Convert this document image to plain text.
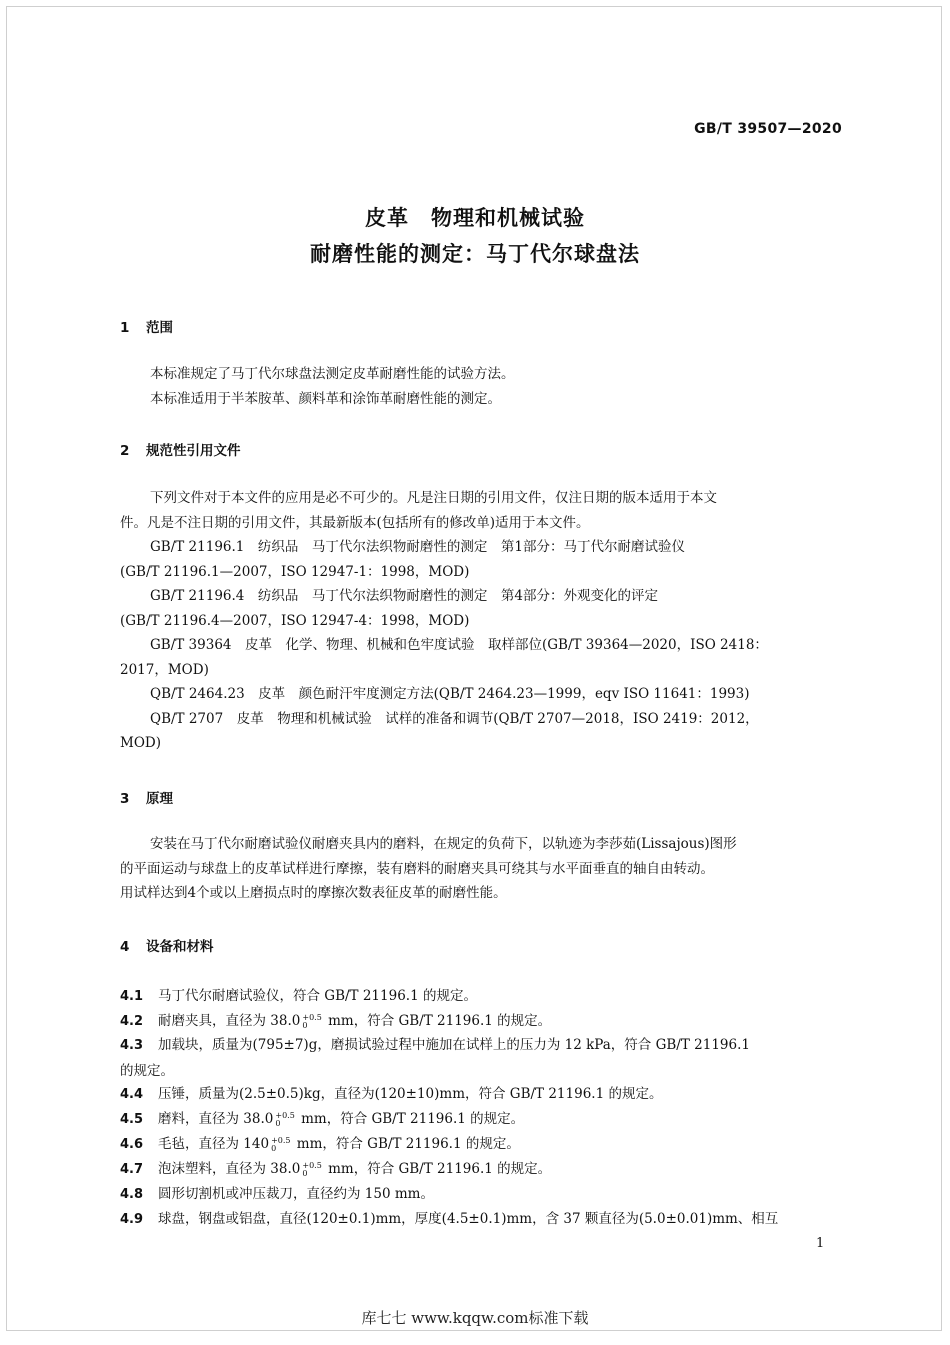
GB/T 39507—2020
皮革　物理和机械试验
耐磨性能的测定：马丁代尔球盘法
1 范围
本标准规定了马丁代尔球盘法测定皮革耐磨性能的试验方法。
本标准适用于半苯胺革、颜料革和涂饰革耐磨性能的测定。
2 规范性引用文件
下列文件对于本文件的应用是必不可少的。凡是注日期的引用文件，仅注日期的版本适用于本文
件。凡是不注日期的引用文件，其最新版本(包括所有的修改单)适用于本文件。
GB/T 21196.1　纺织品　马丁代尔法织物耐磨性的测定　第1部分：马丁代尔耐磨试验仪
(GB/T 21196.1—2007，ISO 12947-1：1998，MOD)
GB/T 21196.4　纺织品　马丁代尔法织物耐磨性的测定　第4部分：外观变化的评定
(GB/T 21196.4—2007，ISO 12947-4：1998，MOD)
GB/T 39364　皮革　化学、物理、机械和色牢度试验　取样部位(GB/T 39364—2020，ISO 2418：
2017，MOD)
QB/T 2464.23　皮革　颜色耐汗牢度测定方法(QB/T 2464.23—1999，eqv ISO 11641：1993)
QB/T 2707　皮革　物理和机械试验　试样的准备和调节(QB/T 2707—2018，ISO 2419：2012，
MOD)
3 原理
安装在马丁代尔耐磨试验仪耐磨夹具内的磨料，在规定的负荷下，以轨迹为李莎茹(Lissajous)图形
的平面运动与球盘上的皮革试样进行摩擦，装有磨料的耐磨夹具可绕其与水平面垂直的轴自由转动。
用试样达到4个或以上磨损点时的摩擦次数表征皮革的耐磨性能。
4 设备和材料
4.1 马丁代尔耐磨试验仪，符合 GB/T 21196.1 的规定。
4.2 耐磨夹具，直径为 38.0 +0.5
0	mm，符合 GB/T 21196.1 的规定。
4.3 加载块，质量为(795±7)g，磨损试验过程中施加在试样上的压力为 12 kPa，符合 GB/T 21196.1
的规定。
4.4 压锤，质量为(2.5±0.5)kg，直径为(120±10)mm，符合 GB/T 21196.1 的规定。
4.5 磨料，直径为 38.0 +0.5
0	mm，符合 GB/T 21196.1 的规定。
4.6 毛毡，直径为 140 +0.5
0	mm，符合 GB/T 21196.1 的规定。
4.7 泡沫塑料，直径为 38.0 +0.5
0	mm，符合 GB/T 21196.1 的规定。
4.8 圆形切割机或冲压裁刀，直径约为 150 mm。
4.9 球盘，钢盘或铝盘，直径(120±0.1)mm，厚度(4.5±0.1)mm，含 37 颗直径为(5.0±0.01)mm、相互
1
库七七 www.kqqw.com标准下载
